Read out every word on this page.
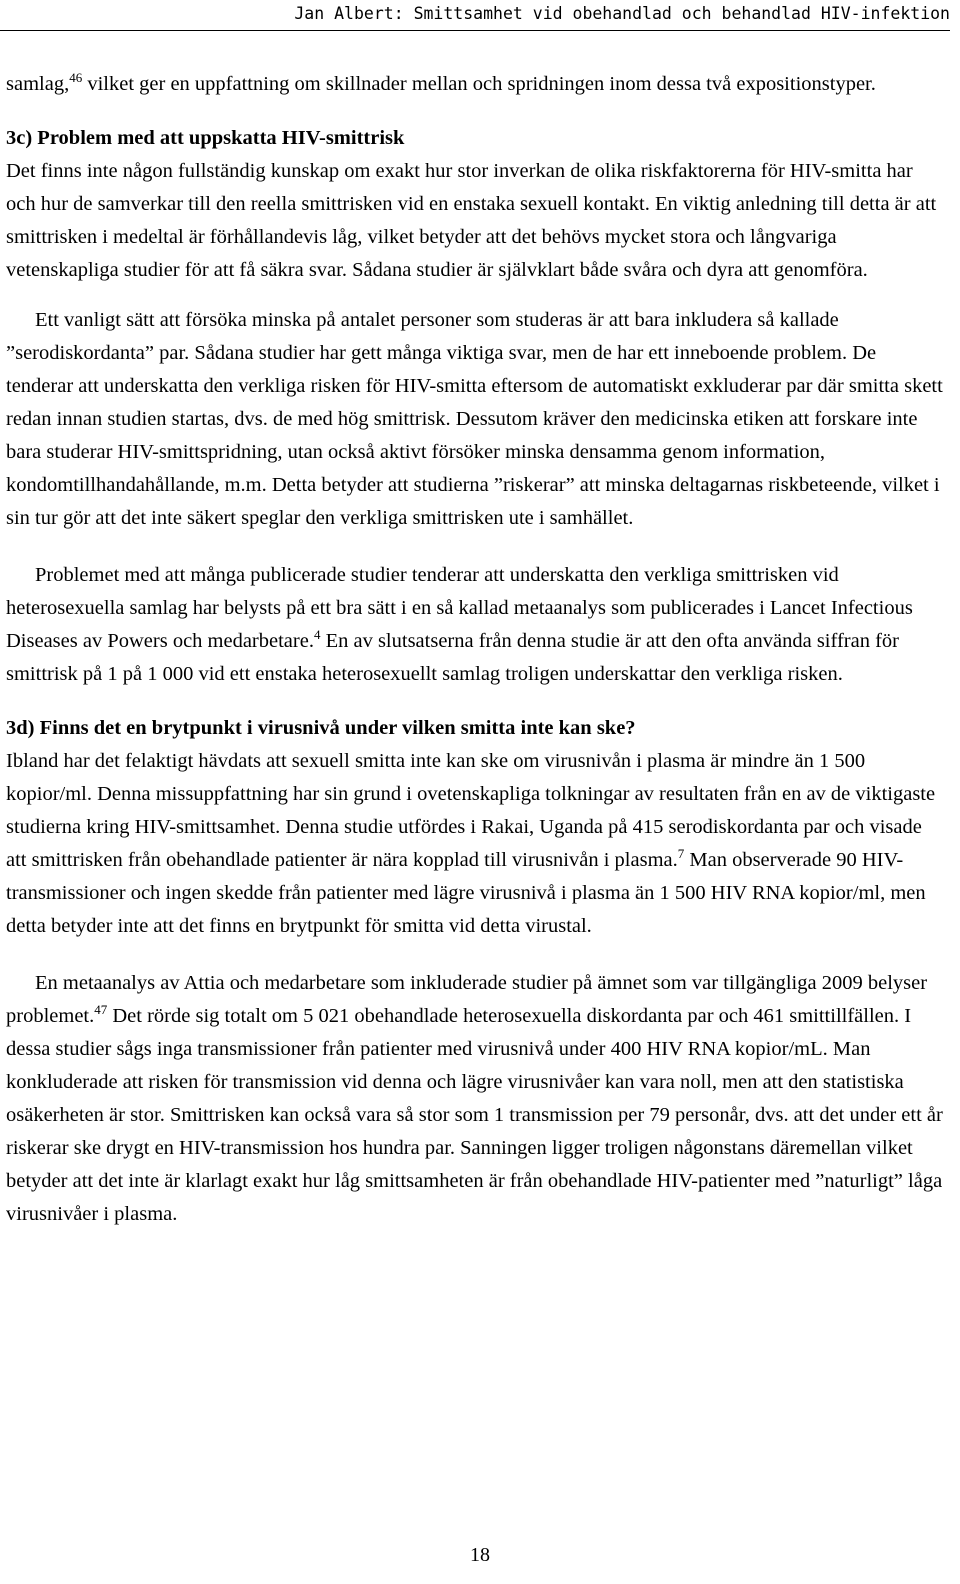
Jan Albert: Smittsamhet vid obehandlad och behandlad HIV-infektion

samlag,$^{46}$ vilket ger en uppfattning om skillnader mellan och spridningen inom dessa två expositionstyper.

3c) Problem med att uppskatta HIV-smittrisk

Det finns inte någon fullständig kunskap om exakt hur stor inverkan de olika riskfaktorerna för HIV-smitta har och hur de samverkar till den reella smittrisken vid en enstaka sexuell kontakt. En viktig anledning till detta är att smittrisken i medeltal är förhållandevis låg, vilket betyder att det behövs mycket stora och långvariga vetenskapliga studier för att få säkra svar. Sådana studier är självklart både svåra och dyra att genomföra.

Ett vanligt sätt att försöka minska på antalet personer som studeras är att bara inkludera så kallade ”serodiskordanta” par. Sådana studier har gett många viktiga svar, men de har ett inneboende problem. De tenderar att underskatta den verkliga risken för HIV-smitta eftersom de automatiskt exkluderar par där smitta skett redan innan studien startas, dvs. de med hög smittrisk. Dessutom kräver den medicinska etiken att forskare inte bara studerar HIV-smittspridning, utan också aktivt försöker minska densamma genom information, kondomtillhandahållande, m.m. Detta betyder att studierna ”riskerar” att minska deltagarnas riskbeteende, vilket i sin tur gör att det inte säkert speglar den verkliga smittrisken ute i samhället.

Problemet med att många publicerade studier tenderar att underskatta den verkliga smittrisken vid heterosexuella samlag har belysts på ett bra sätt i en så kallad metaanalys som publicerades i Lancet Infectious Diseases av Powers och medarbetare.$^4$ En av slutsatserna från denna studie är att den ofta använda siffran för smittrisk på 1 på 1 000 vid ett enstaka heterosexuellt samlag troligen underskattar den verkliga risken.

3d) Finns det en brytpunkt i virusnivå under vilken smitta inte kan ske?

Ibland har det felaktigt hävdats att sexuell smitta inte kan ske om virusnivån i plasma är mindre än 1 500 kopior/ml. Denna missuppfattning har sin grund i ovetenskapliga tolkningar av resultaten från en av de viktigaste studierna kring HIV-smittsamhet. Denna studie utfördes i Rakai, Uganda på 415 serodiskordanta par och visade att smittrisken från obehandlade patienter är nära kopplad till virusnivån i plasma.$^7$ Man observerade 90 HIV-transmissioner och ingen skedde från patienter med lägre virusnivå i plasma än 1 500 HIV RNA kopior/ml, men detta betyder inte att det finns en brytpunkt för smitta vid detta virustal.

En metaanalys av Attia och medarbetare som inkluderade studier på ämnet som var tillgängliga 2009 belyser problemet.$^{47}$ Det rörde sig totalt om 5 021 obehandlade heterosexuella diskordanta par och 461 smittillfällen. I dessa studier sågs inga transmissioner från patienter med virusnivå under 400 HIV RNA kopior/mL. Man konkluderade att risken för transmission vid denna och lägre virusnivåer kan vara noll, men att den statistiska osäkerheten är stor. Smittrisken kan också vara så stor som 1 transmission per 79 personår, dvs. att det under ett år riskerar ske drygt en HIV-transmission hos hundra par. Sanningen ligger troligen någonstans däremellan vilket betyder att det inte är klarlagt exakt hur låg smittsamheten är från obehandlade HIV-patienter med ”naturligt” låga virusnivåer i plasma.

18
